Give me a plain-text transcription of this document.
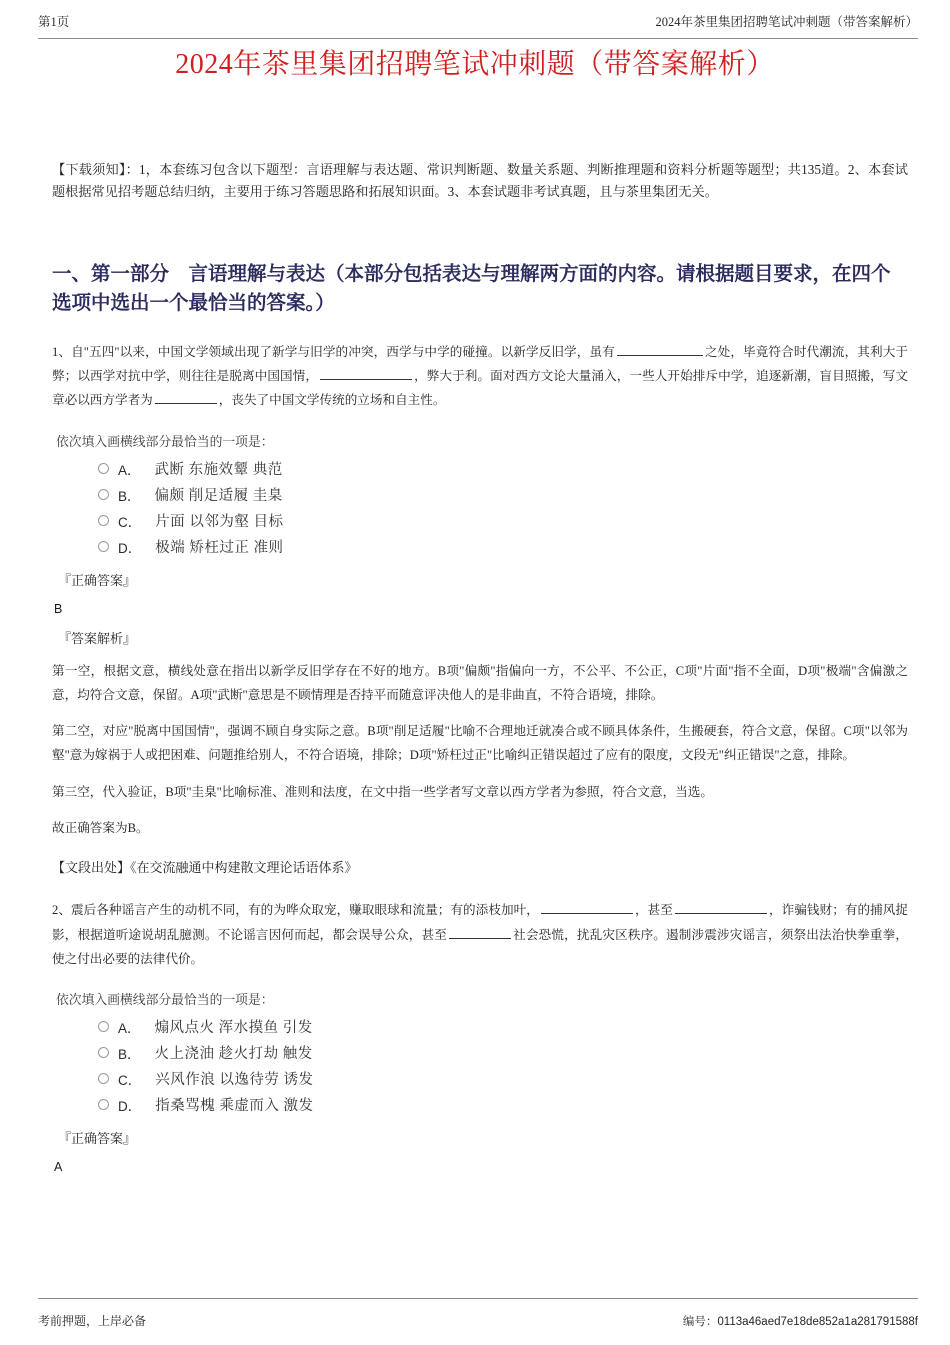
第1页	2024年茶里集团招聘笔试冲刺题（带答案解析）
2024年茶里集团招聘笔试冲刺题（带答案解析）

【下载须知】：1，本套练习包含以下题型：言语理解与表达题、常识判断题、数量关系题、判断推理题和资料分析题等题型；共135道。2、本套试题根据常见招考题总结归纳，主要用于练习答题思路和拓展知识面。3、本套试题非考试真题，且与茶里集团无关。

一、第一部分　言语理解与表达（本部分包括表达与理解两方面的内容。请根据题目要求，在四个选项中选出一个最恰当的答案。）

1、自"五四"以来，中国文学领域出现了新学与旧学的冲突，西学与中学的碰撞。以新学反旧学，虽有	之处，毕竟符合时代潮流，其利大于弊；以西学对抗中学，则往往是脱离中国国情，	，弊大于利。面对西方文论大量涌入，一些人开始排斥中学，追逐新潮，盲目照搬，写文章必以西方学者为	，丧失了中国文学传统的立场和自主性。

依次填入画横线部分最恰当的一项是：

A． 武断 东施效颦 典范
B． 偏颇 削足适履 圭臬
C． 片面 以邻为壑 目标
D． 极端 矫枉过正 准则

『正确答案』

B

『答案解析』

第一空，根据文意，横线处意在指出以新学反旧学存在不好的地方。B项"偏颇"指偏向一方，不公平、不公正，C项"片面"指不全面，D项"极端"含偏激之意，均符合文意，保留。A项"武断"意思是不顾情理是否持平而随意评决他人的是非曲直，不符合语境，排除。

第二空，对应"脱离中国国情"，强调不顾自身实际之意。B项"削足适履"比喻不合理地迁就凑合或不顾具体条件，生搬硬套，符合文意，保留。C项"以邻为壑"意为嫁祸于人或把困难、问题推给别人，不符合语境，排除；D项"矫枉过正"比喻纠正错误超过了应有的限度，文段无"纠正错误"之意，排除。

第三空，代入验证，B项"圭臬"比喻标准、准则和法度，在文中指一些学者写文章以西方学者为参照，符合文意，当选。

故正确答案为B。

【文段出处】《在交流融通中构建散文理论话语体系》

2、震后各种谣言产生的动机不同，有的为哗众取宠，赚取眼球和流量；有的添枝加叶，	，甚至	，诈骗钱财；有的捕风捉影，根据道听途说胡乱臆测。不论谣言因何而起，都会误导公众，甚至	社会恐慌，扰乱灾区秩序。遏制涉震涉灾谣言，须祭出法治快拳重拳，使之付出必要的法律代价。

依次填入画横线部分最恰当的一项是：

A． 煽风点火 浑水摸鱼 引发
B． 火上浇油 趁火打劫 触发
C． 兴风作浪 以逸待劳 诱发
D． 指桑骂槐 乘虚而入 激发

『正确答案』

A

考前押题，上岸必备	编号：0113a46aed7e18de852a1a281791588f
